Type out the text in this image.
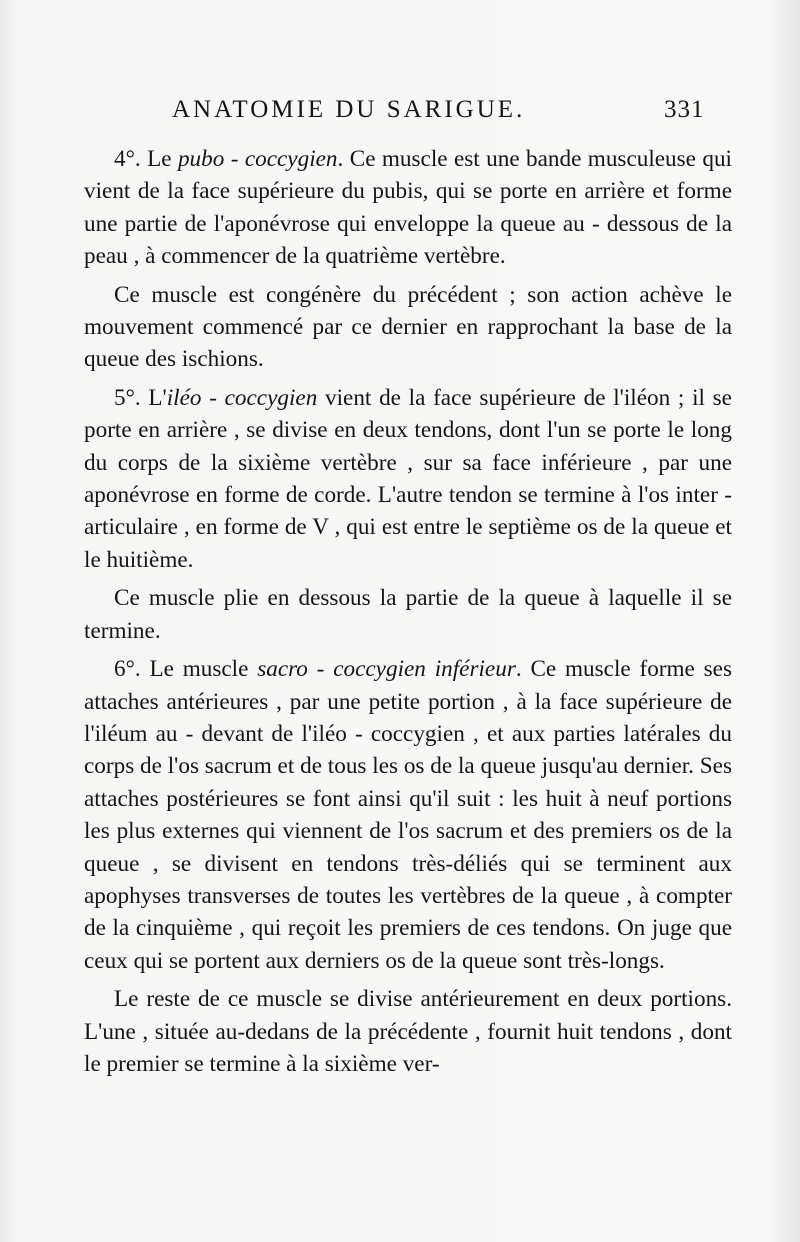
ANATOMIE DU SARIGUE.	331

4°. Le pubo - coccygien. Ce muscle est une bande musculeuse qui vient de la face supérieure du pubis, qui se porte en arrière et forme une partie de l'aponévrose qui enveloppe la queue au - dessous de la peau , à commencer de la quatrième vertèbre.

Ce muscle est congénère du précédent ; son action achève le mouvement commencé par ce dernier en rapprochant la base de la queue des ischions.

5°. L'iléo - coccygien vient de la face supérieure de l'iléon ; il se porte en arrière , se divise en deux tendons, dont l'un se porte le long du corps de la sixième vertèbre , sur sa face inférieure , par une aponévrose en forme de corde. L'autre tendon se termine à l'os inter - articulaire , en forme de V , qui est entre le septième os de la queue et le huitième.

Ce muscle plie en dessous la partie de la queue à laquelle il se termine.

6°. Le muscle sacro - coccygien inférieur. Ce muscle forme ses attaches antérieures , par une petite portion , à la face supérieure de l'iléum au - devant de l'iléo - coccygien , et aux parties latérales du corps de l'os sacrum et de tous les os de la queue jusqu'au dernier. Ses attaches postérieures se font ainsi qu'il suit : les huit à neuf portions les plus externes qui viennent de l'os sacrum et des premiers os de la queue , se divisent en tendons très-déliés qui se terminent aux apophyses transverses de toutes les vertèbres de la queue , à compter de la cinquième , qui reçoit les premiers de ces tendons. On juge que ceux qui se portent aux derniers os de la queue sont très-longs.

Le reste de ce muscle se divise antérieurement en deux portions. L'une , située au-dedans de la précédente , fournit huit tendons , dont le premier se termine à la sixième ver-
